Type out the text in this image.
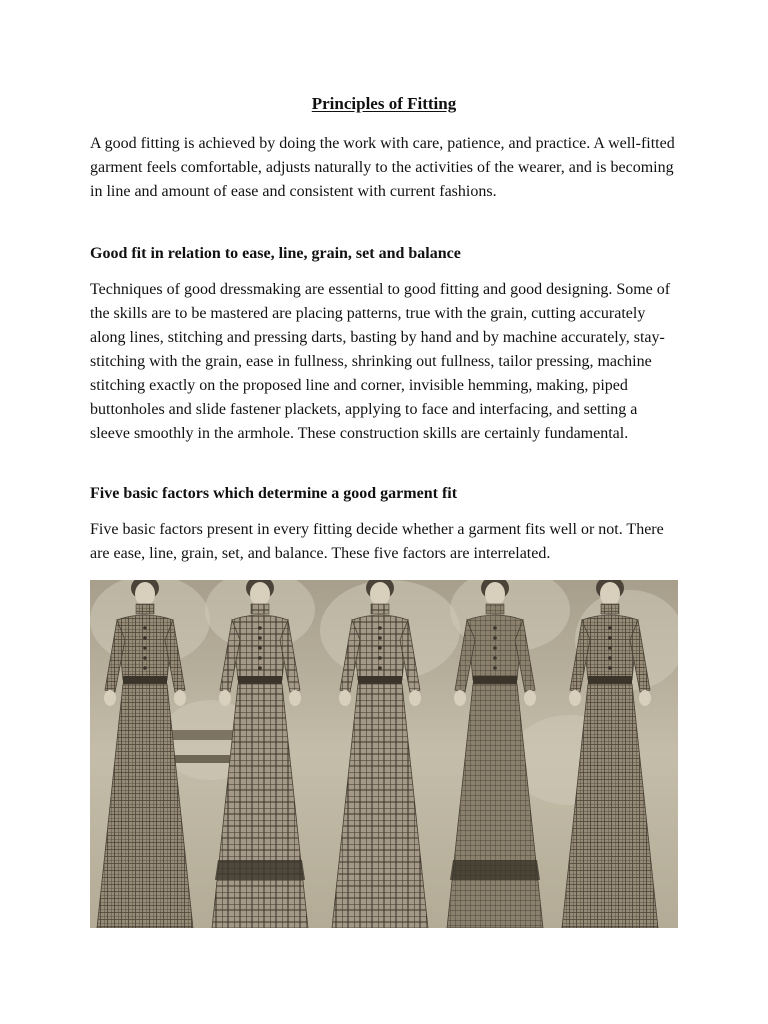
Principles of Fitting

A good fitting is achieved by doing the work with care, patience, and practice. A well-fitted garment feels comfortable, adjusts naturally to the activities of the wearer, and is becoming in line and amount of ease and consistent with current fashions.

Good fit in relation to ease, line, grain, set and balance

Techniques of good dressmaking are essential to good fitting and good designing. Some of the skills are to be mastered are placing patterns, true with the grain, cutting accurately along lines, stitching and pressing darts, basting by hand and by machine accurately, stay-stitching with the grain, ease in fullness, shrinking out fullness, tailor pressing, machine stitching exactly on the proposed line and corner, invisible hemming, making, piped buttonholes and slide fastener plackets, applying to face and interfacing, and setting a sleeve smoothly in the armhole. These construction skills are certainly fundamental.

Five basic factors which determine a good garment fit

Five basic factors present in every fitting decide whether a garment fits well or not. There are ease, line, grain, set, and balance. These five factors are interrelated.
